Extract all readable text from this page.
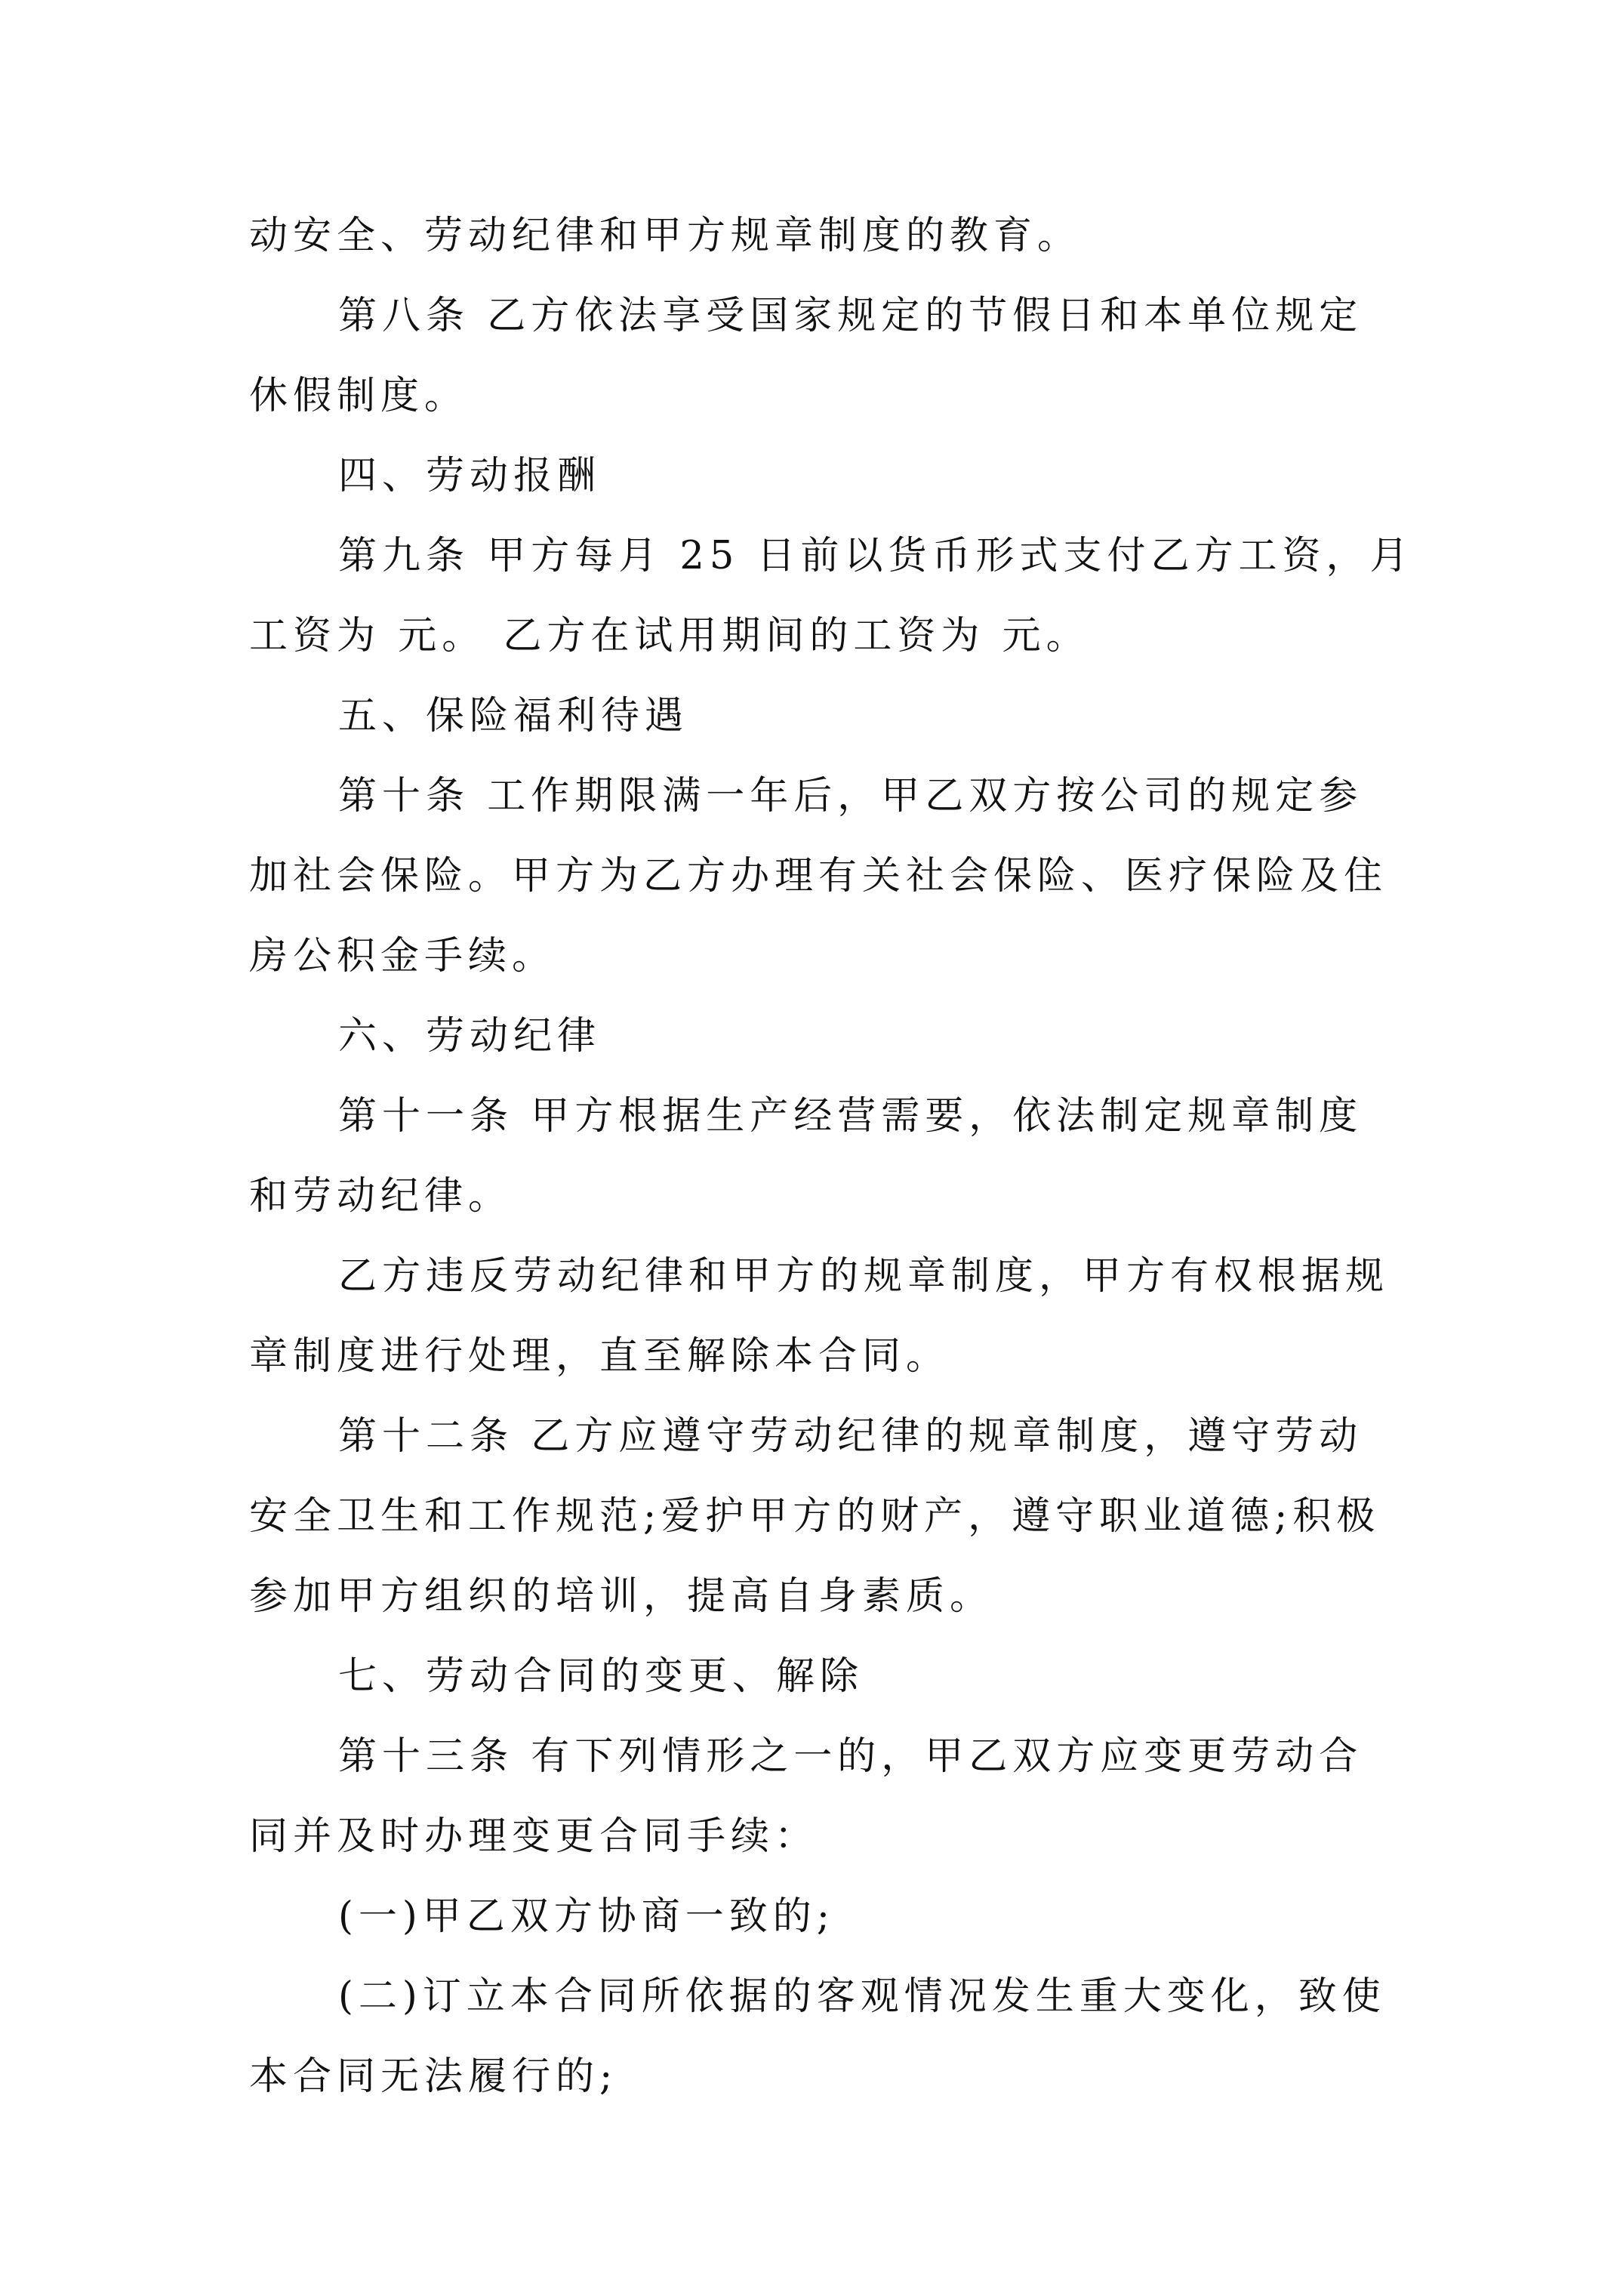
动安全、劳动纪律和甲方规章制度的教育。
第八条 乙方依法享受国家规定的节假日和本单位规定
休假制度。
四、劳动报酬
第九条 甲方每月 25 日前以货币形式支付乙方工资，月
工资为 元。 乙方在试用期间的工资为 元。
五、保险福利待遇
第十条 工作期限满一年后，甲乙双方按公司的规定参
加社会保险。甲方为乙方办理有关社会保险、医疗保险及住
房公积金手续。
六、劳动纪律
第十一条 甲方根据生产经营需要，依法制定规章制度
和劳动纪律。
乙方违反劳动纪律和甲方的规章制度，甲方有权根据规
章制度进行处理，直至解除本合同。
第十二条 乙方应遵守劳动纪律的规章制度，遵守劳动
安全卫生和工作规范;爱护甲方的财产，遵守职业道德;积极
参加甲方组织的培训，提高自身素质。
七、劳动合同的变更、解除
第十三条 有下列情形之一的，甲乙双方应变更劳动合
同并及时办理变更合同手续：
(一)甲乙双方协商一致的;
(二)订立本合同所依据的客观情况发生重大变化，致使
本合同无法履行的;
